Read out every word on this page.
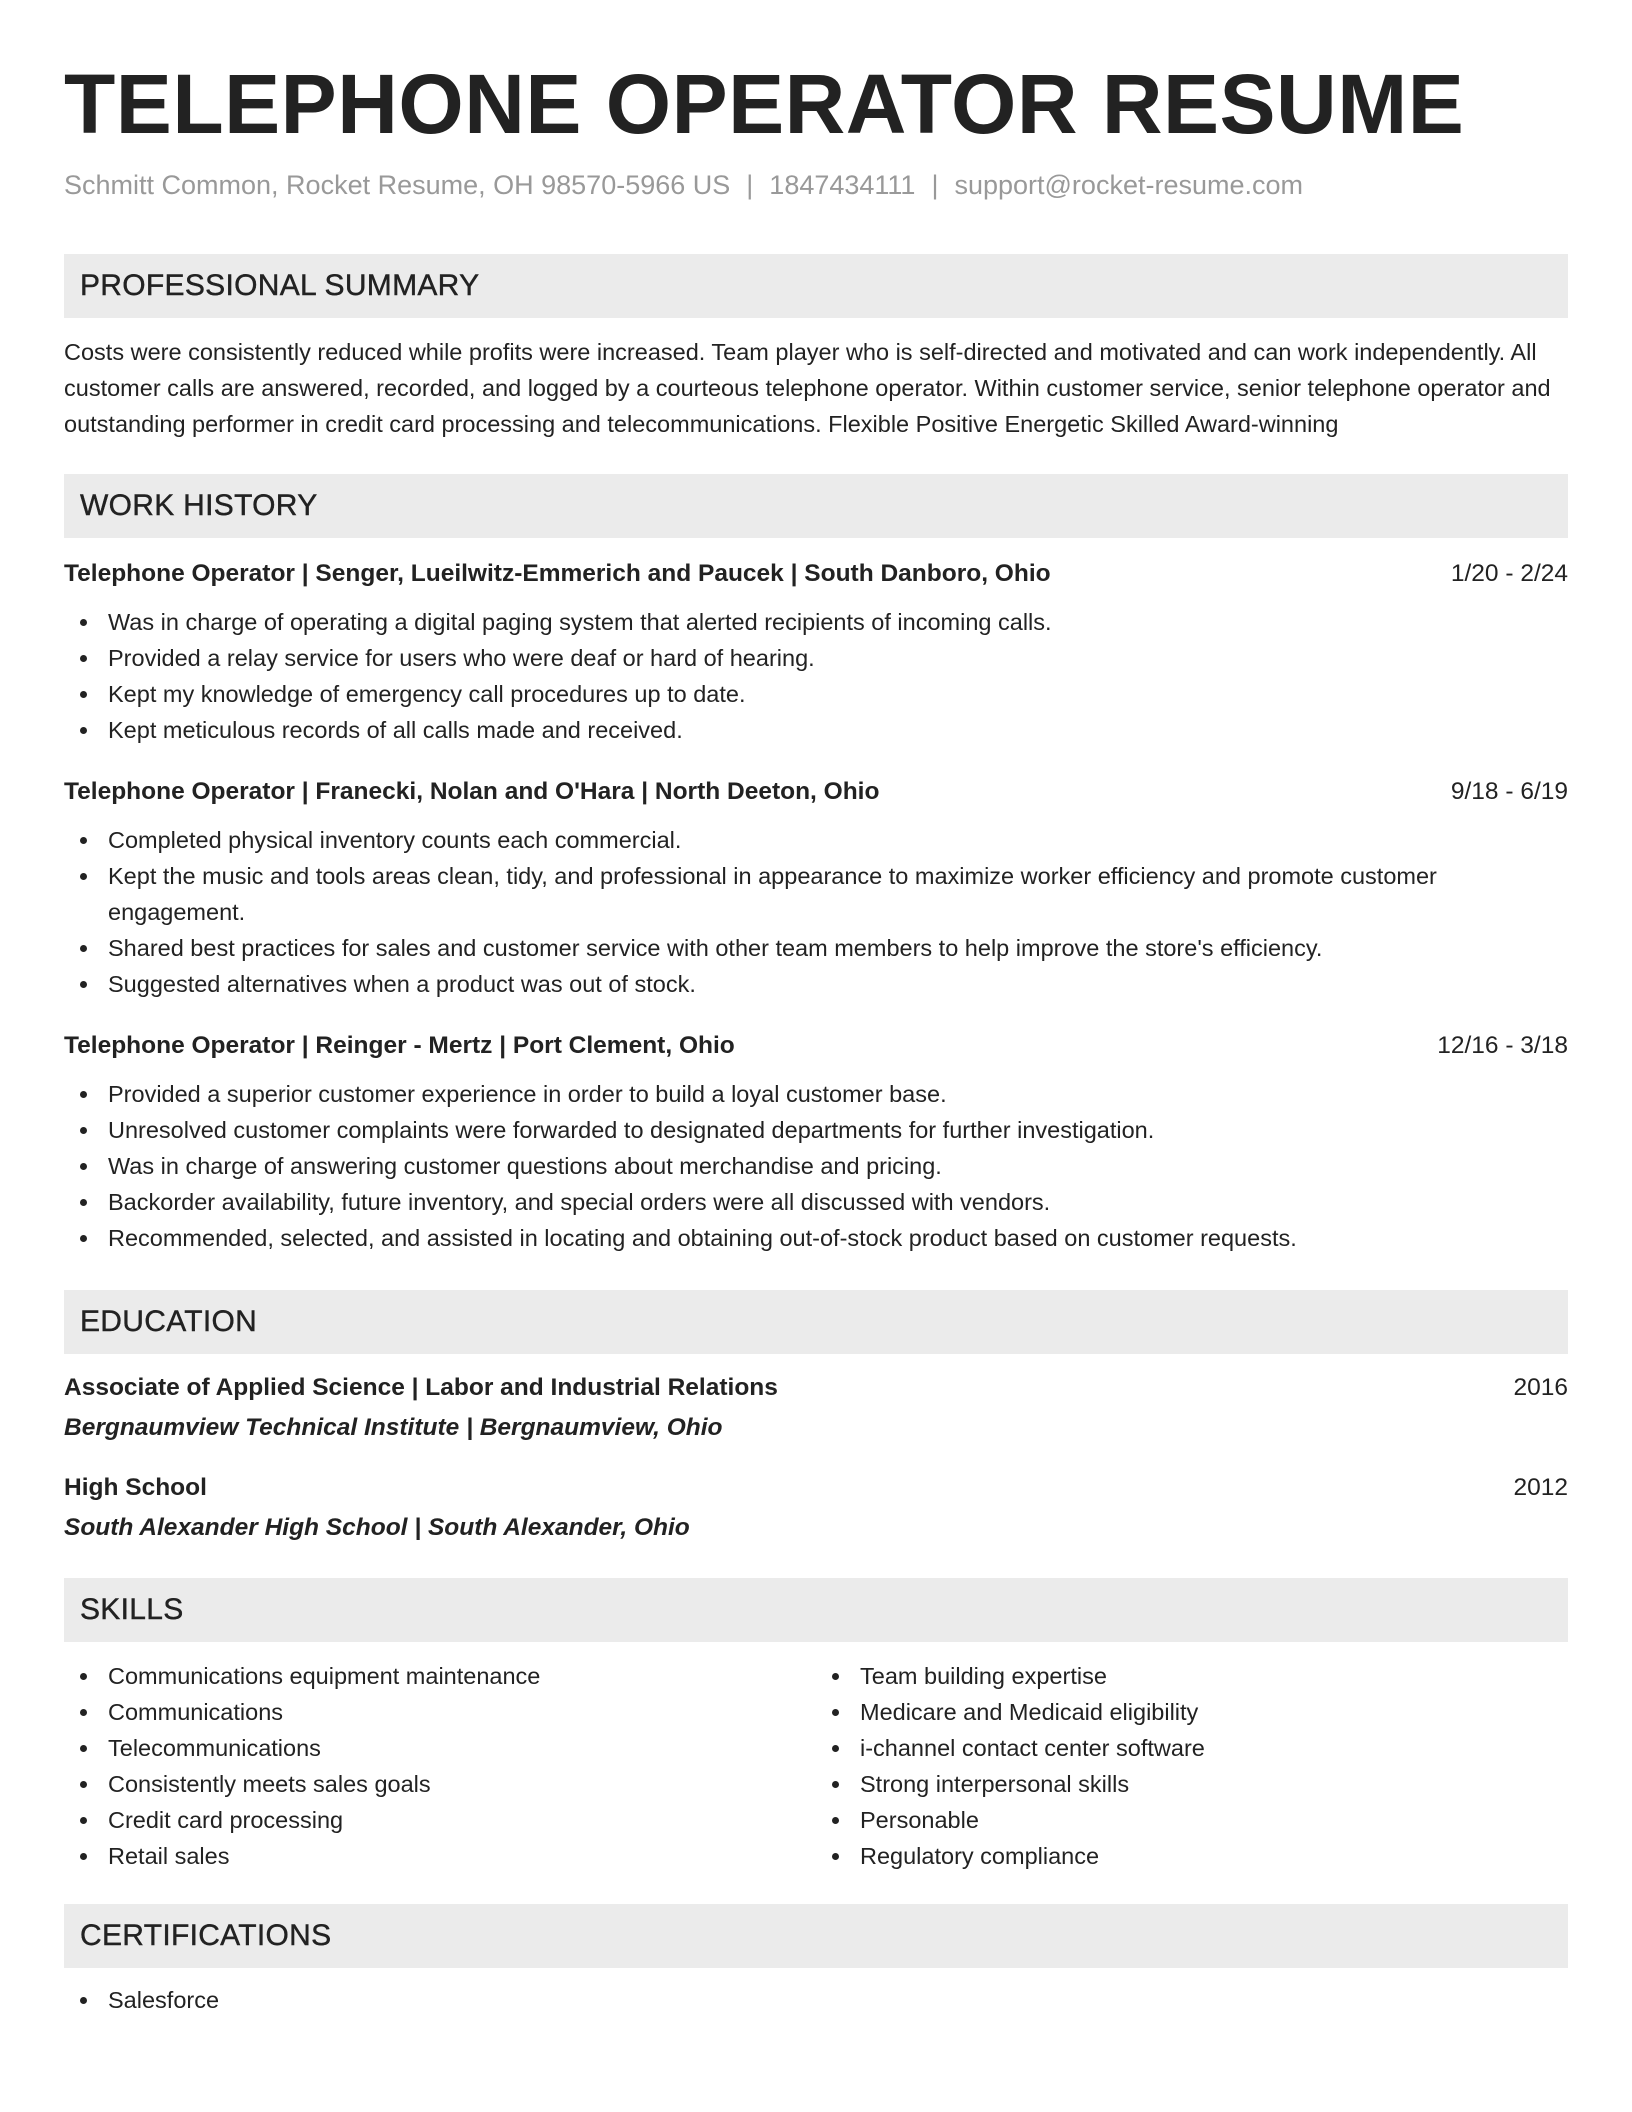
TELEPHONE OPERATOR RESUME
Schmitt Common, Rocket Resume, OH 98570-5966 US | 1847434111 | support@rocket-resume.com
PROFESSIONAL SUMMARY
Costs were consistently reduced while profits were increased. Team player who is self-directed and motivated and can work independently. All customer calls are answered, recorded, and logged by a courteous telephone operator. Within customer service, senior telephone operator and outstanding performer in credit card processing and telecommunications. Flexible Positive Energetic Skilled Award-winning
WORK HISTORY
Telephone Operator | Senger, Lueilwitz-Emmerich and Paucek | South Danboro, Ohio	1/20 - 2/24
Was in charge of operating a digital paging system that alerted recipients of incoming calls.
Provided a relay service for users who were deaf or hard of hearing.
Kept my knowledge of emergency call procedures up to date.
Kept meticulous records of all calls made and received.
Telephone Operator | Franecki, Nolan and O'Hara | North Deeton, Ohio	9/18 - 6/19
Completed physical inventory counts each commercial.
Kept the music and tools areas clean, tidy, and professional in appearance to maximize worker efficiency and promote customer engagement.
Shared best practices for sales and customer service with other team members to help improve the store's efficiency.
Suggested alternatives when a product was out of stock.
Telephone Operator | Reinger - Mertz | Port Clement, Ohio	12/16 - 3/18
Provided a superior customer experience in order to build a loyal customer base.
Unresolved customer complaints were forwarded to designated departments for further investigation.
Was in charge of answering customer questions about merchandise and pricing.
Backorder availability, future inventory, and special orders were all discussed with vendors.
Recommended, selected, and assisted in locating and obtaining out-of-stock product based on customer requests.
EDUCATION
Associate of Applied Science | Labor and Industrial Relations	2016
Bergnaumview Technical Institute | Bergnaumview, Ohio
High School	2012
South Alexander High School | South Alexander, Ohio
SKILLS
Communications equipment maintenance
Communications
Telecommunications
Consistently meets sales goals
Credit card processing
Retail sales
Team building expertise
Medicare and Medicaid eligibility
i-channel contact center software
Strong interpersonal skills
Personable
Regulatory compliance
CERTIFICATIONS
Salesforce
